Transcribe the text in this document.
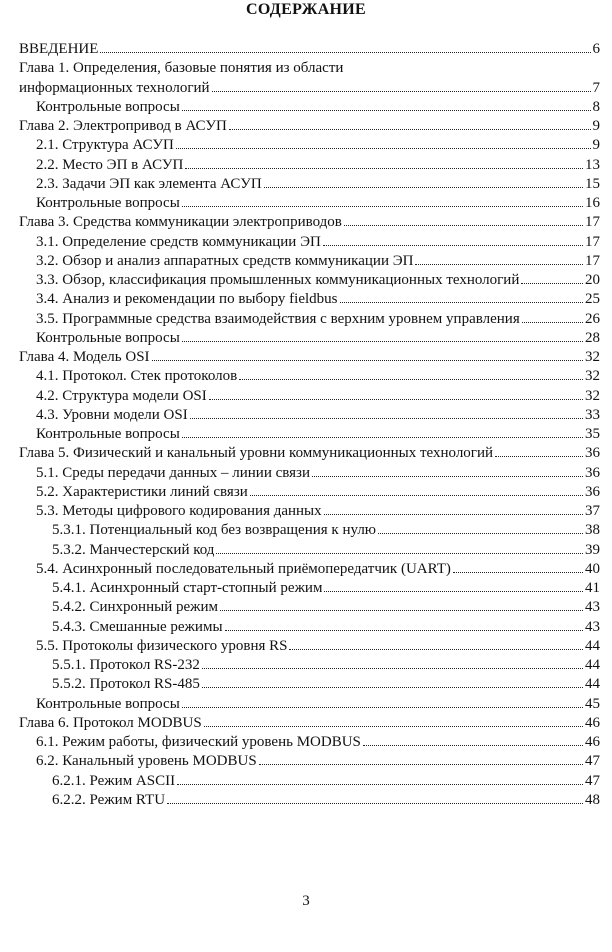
СОДЕРЖАНИЕ
ВВЕДЕНИЕ	6
Глава 1. Определения, базовые понятия из области
информационных технологий	7
Контрольные вопросы	8
Глава 2. Электропривод в АСУП	9
2.1. Структура АСУП	9
2.2. Место ЭП в АСУП	13
2.3. Задачи ЭП как элемента АСУП	15
Контрольные вопросы	16
Глава 3. Средства коммуникации электроприводов	17
3.1. Определение средств коммуникации ЭП	17
3.2. Обзор и анализ аппаратных средств коммуникации ЭП	17
3.3. Обзор, классификация промышленных коммуникационных технологий	20
3.4. Анализ и рекомендации по выбору fieldbus	25
3.5. Программные средства взаимодействия с верхним уровнем управления	26
Контрольные вопросы	28
Глава 4. Модель OSI	32
4.1. Протокол. Стек протоколов	32
4.2. Структура модели OSI	32
4.3. Уровни модели OSI	33
Контрольные вопросы	35
Глава 5. Физический и канальный уровни коммуникационных технологий	36
5.1. Среды передачи данных – линии связи	36
5.2. Характеристики линий связи	36
5.3. Методы цифрового кодирования данных	37
5.3.1. Потенциальный код без возвращения к нулю	38
5.3.2. Манчестерский код	39
5.4. Асинхронный последовательный приёмопередатчик (UART)	40
5.4.1. Асинхронный старт-стопный режим	41
5.4.2. Синхронный режим	43
5.4.3. Смешанные режимы	43
5.5. Протоколы физического уровня RS	44
5.5.1. Протокол RS-232	44
5.5.2. Протокол RS-485	44
Контрольные вопросы	45
Глава 6. Протокол MODBUS	46
6.1. Режим работы, физический уровень MODBUS	46
6.2. Канальный уровень MODBUS	47
6.2.1. Режим ASCII	47
6.2.2. Режим RTU	48
3
